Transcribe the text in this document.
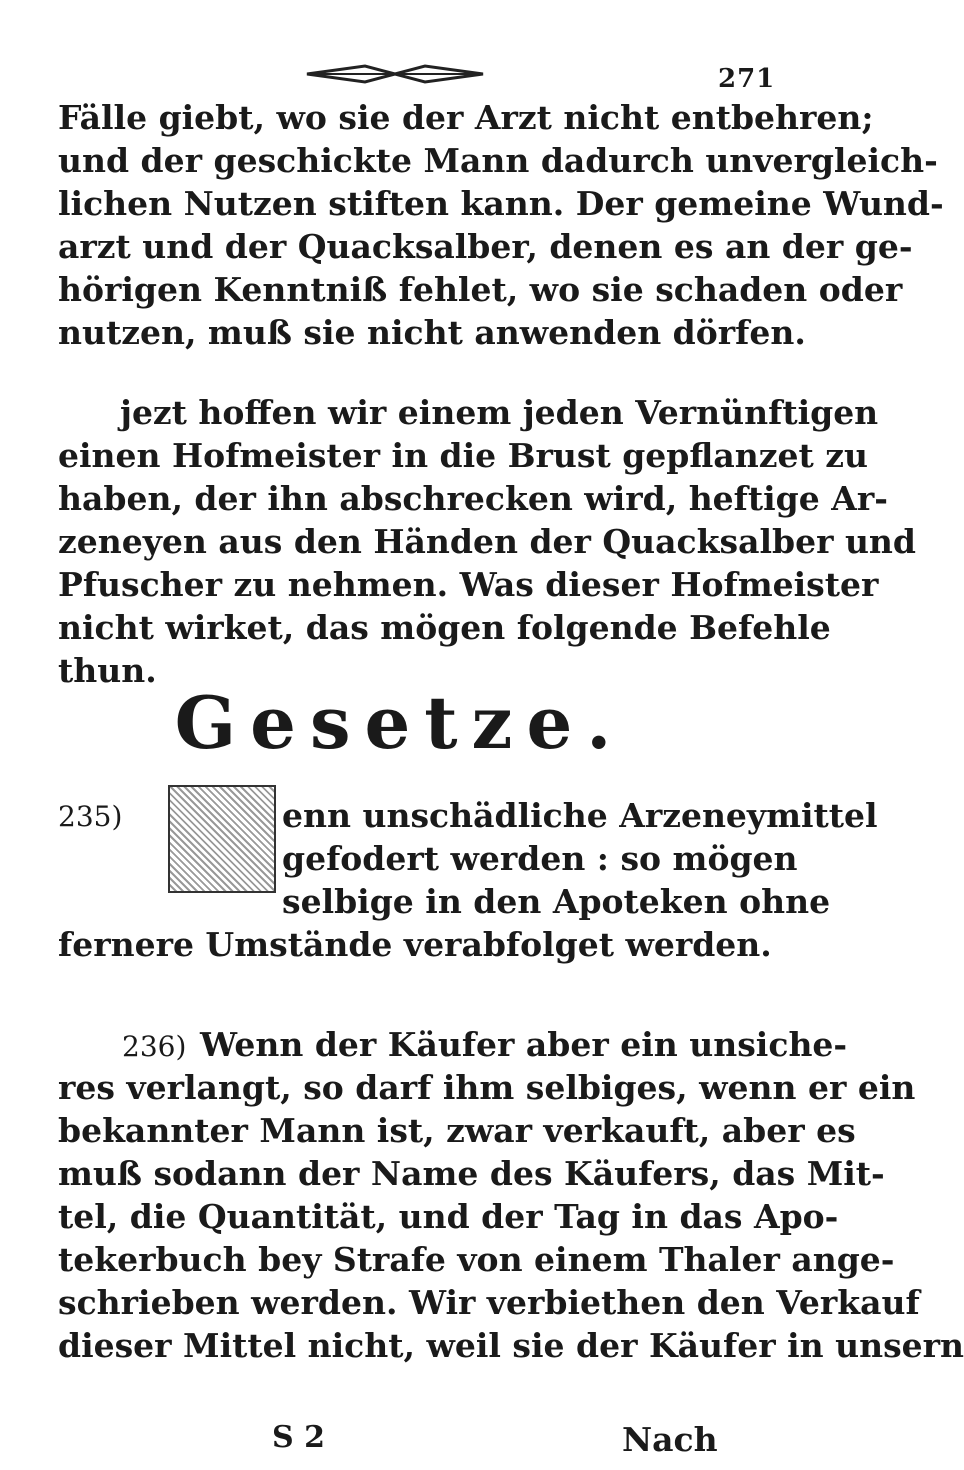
271
Fälle giebt, wo sie der Arzt nicht entbehren;
und der geschickte Mann dadurch unvergleich-
lichen Nutzen stiften kann. Der gemeine Wund-
arzt und der Quacksalber, denen es an der ge-
hörigen Kenntniß fehlet, wo sie schaden oder
nutzen, muß sie nicht anwenden dörfen.
jezt hoffen wir einem jeden Vernünftigen
einen Hofmeister in die Brust gepflanzet zu
haben, der ihn abschrecken wird, heftige Ar-
zeneyen aus den Händen der Quacksalber und
Pfuscher zu nehmen. Was dieser Hofmeister
nicht wirket, das mögen folgende Befehle
thun.
Gesetze.
235)	enn unschädliche Arzeneymittel
gefodert werden : so mögen
selbige in den Apoteken ohne
fernere Umstände verabfolget werden.
236) Wenn der Käufer aber ein unsiche-
res verlangt, so darf ihm selbiges, wenn er ein
bekannter Mann ist, zwar verkauft, aber es
muß sodann der Name des Käufers, das Mit-
tel, die Quantität, und der Tag in das Apo-
tekerbuch bey Strafe von einem Thaler ange-
schrieben werden. Wir verbiethen den Verkauf
dieser Mittel nicht, weil sie der Käufer in unsern
S 2	Nach
